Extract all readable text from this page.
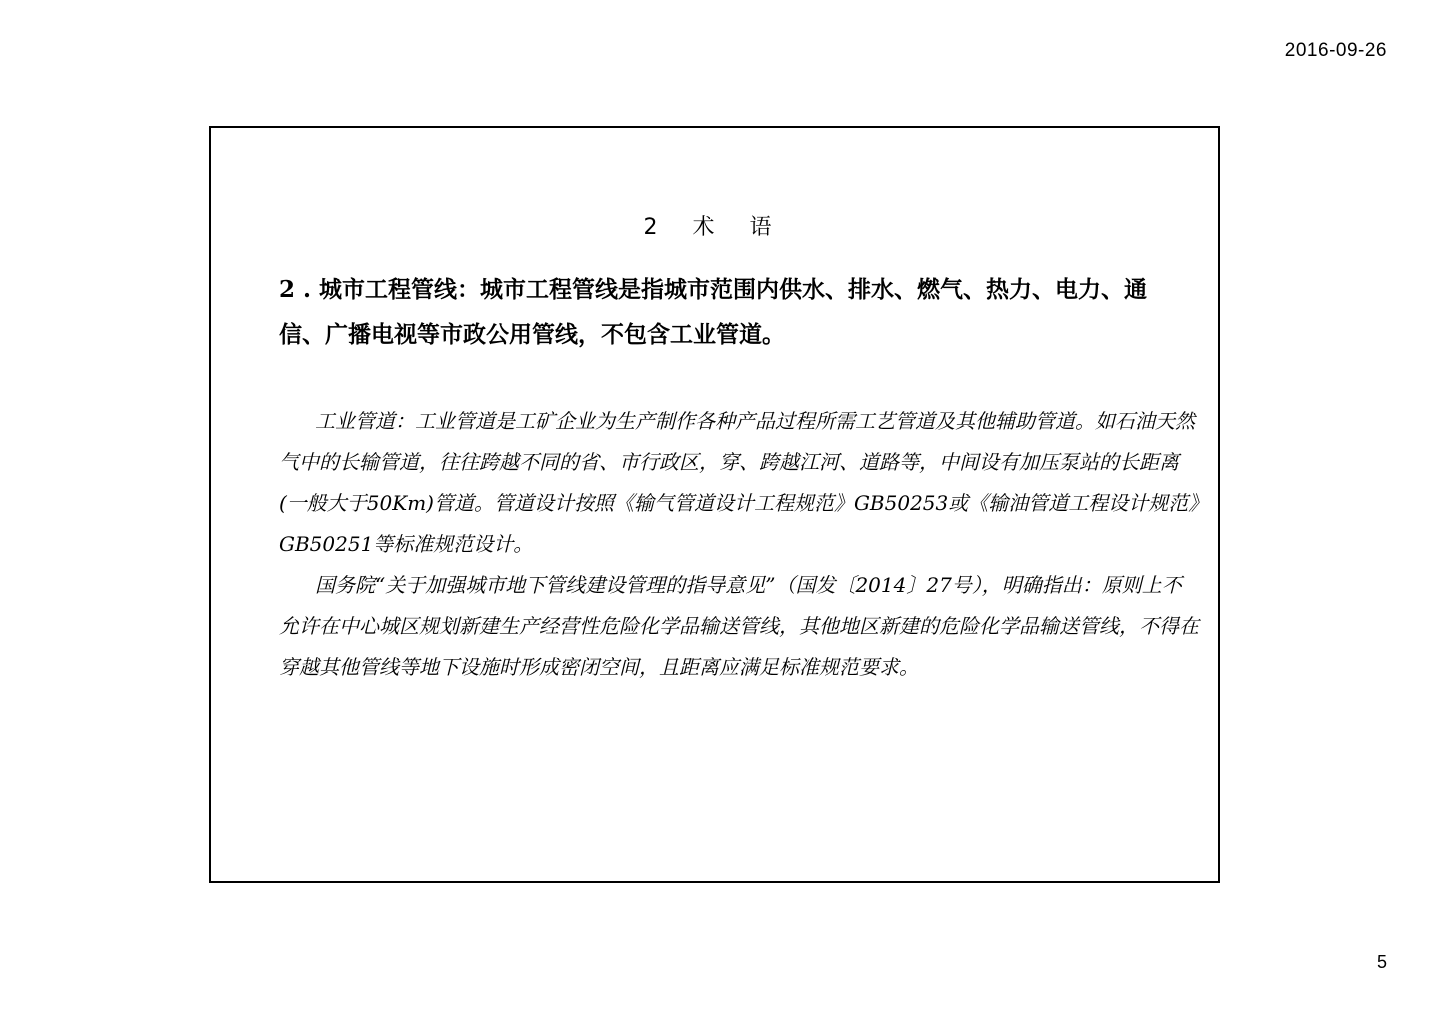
2016-09-26
2 术 语
2 . 城市工程管线：城市工程管线是指城市范围内供水、排水、燃气、热力、电力、通信、广播电视等市政公用管线，不包含工业管道。

工业管道：工业管道是工矿企业为生产制作各种产品过程所需工艺管道及其他辅助管道。如石油天然气中的长输管道，往往跨越不同的省、市行政区，穿、跨越江河、道路等，中间设有加压泵站的长距离(一般大于50Km)管道。管道设计按照《输气管道设计工程规范》GB50253或《输油管道工程设计规范》GB50251等标准规范设计。

国务院“关于加强城市地下管线建设管理的指导意见”（国发〔2014〕27号），明确指出：原则上不允许在中心城区规划新建生产经营性危险化学品输送管线，其他地区新建的危险化学品输送管线，不得在穿越其他管线等地下设施时形成密闭空间，且距离应满足标准规范要求。

5
